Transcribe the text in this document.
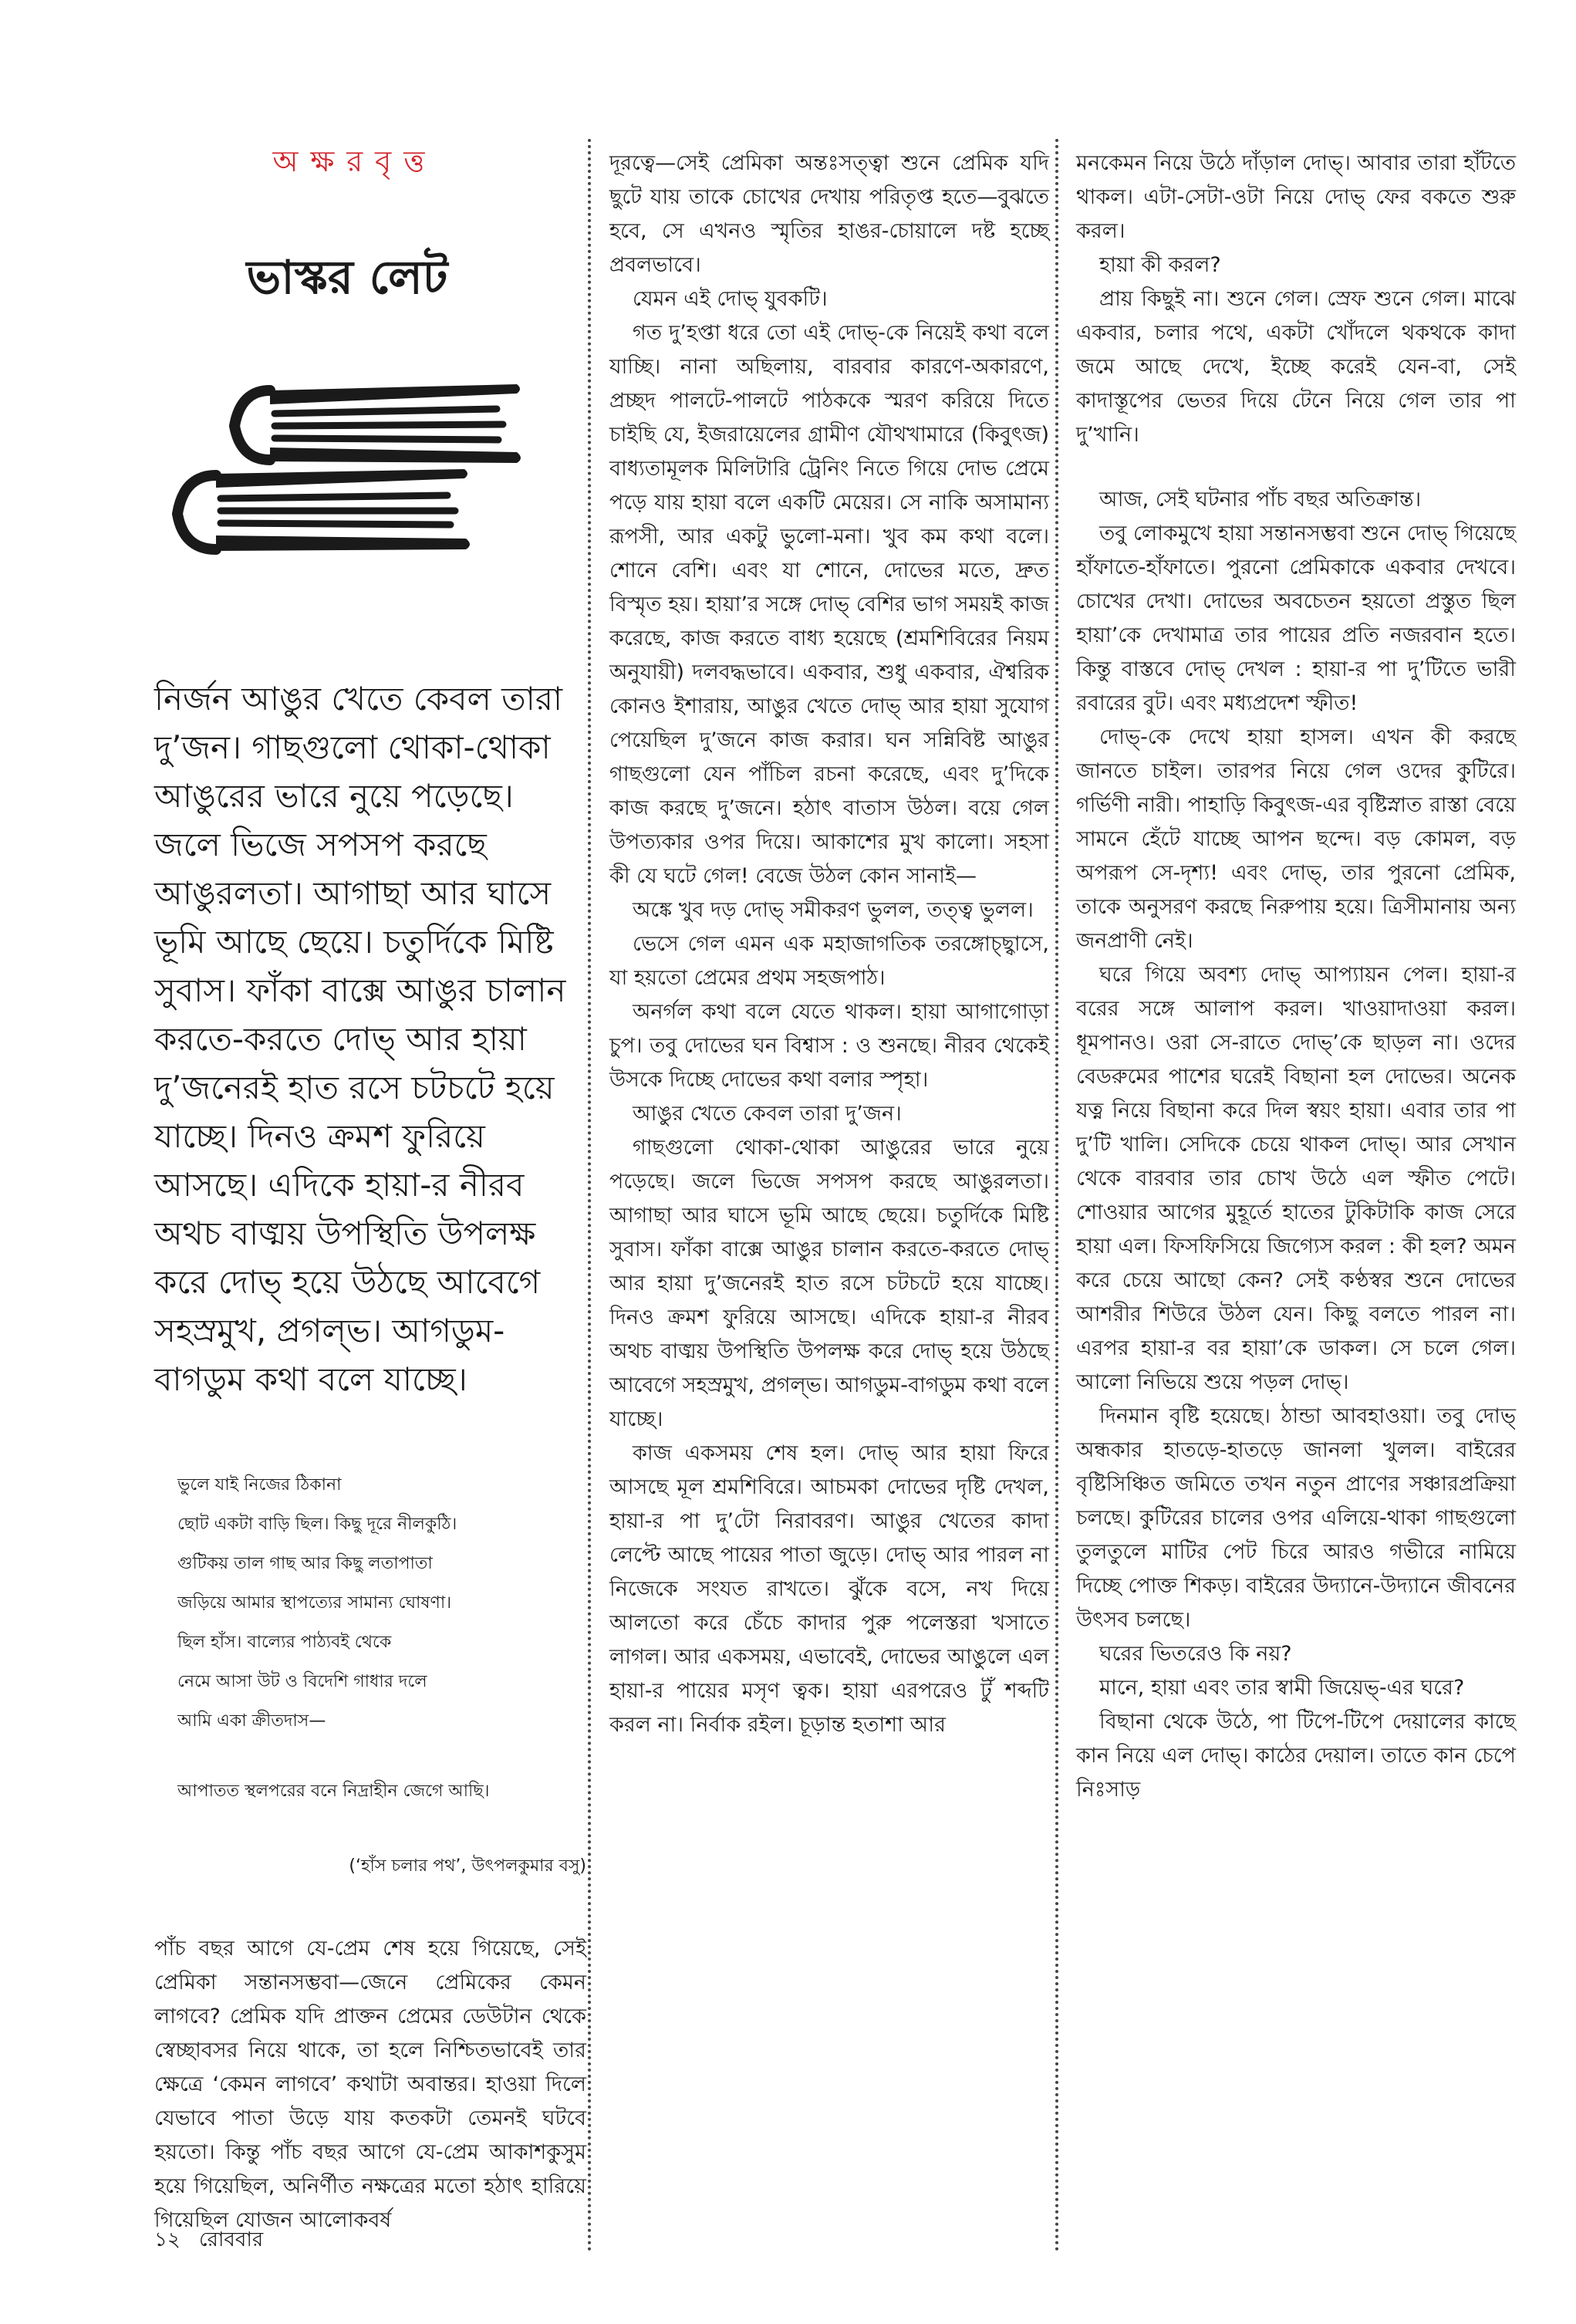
অক্ষরবৃত্ত
ভাস্কর লেট

নির্জন আঙুর খেতে কেবল তারা দু’জন। গাছগুলো থোকা-থোকা আঙুরের ভারে নুয়ে পড়েছে। জলে ভিজে সপসপ করছে আঙুরলতা। আগাছা আর ঘাসে ভূমি আছে ছেয়ে। চতুর্দিকে মিষ্টি সুবাস। ফাঁকা বাক্সে আঙুর চালান করতে-করতে দোভ্ আর হায়া দু’জনেরই হাত রসে চটচটে হয়ে যাচ্ছে। দিনও ক্রমশ ফুরিয়ে আসছে। এদিকে হায়া-র নীরব অথচ বাঙ্ময় উপস্থিতি উপলক্ষ করে দোভ্ হয়ে উঠছে আবেগে সহস্রমুখ, প্রগল্ভ। আগডুম-বাগডুম কথা বলে যাচ্ছে।

ভুলে যাই নিজের ঠিকানা
ছোট একটা বাড়ি ছিল। কিছু দূরে নীলকুঠি।
গুটিকয় তাল গাছ আর কিছু লতাপাতা
জড়িয়ে আমার স্থাপত্যের সামান্য ঘোষণা।
ছিল হাঁস। বাল্যের পাঠ্যবই থেকে
নেমে আসা উট ও বিদেশি গাধার দলে
আমি একা ক্রীতদাস—
আপাতত স্থলপরের বনে নিদ্রাহীন জেগে আছি।
(‘হাঁস চলার পথ’, উৎপলকুমার বসু)

পাঁচ বছর আগে যে-প্রেম শেষ হয়ে গিয়েছে, সেই প্রেমিকা সন্তানসম্ভবা—জেনে প্রেমিকের কেমন লাগবে? প্রেমিক যদি প্রাক্তন প্রেমের ডেউটান থেকে স্বেচ্ছাবসর নিয়ে থাকে, তা হলে নিশ্চিতভাবেই তার ক্ষেত্রে ‘কেমন লাগবে’ কথাটা অবান্তর। হাওয়া দিলে যেভাবে পাতা উড়ে যায় কতকটা তেমনই ঘটবে হয়তো। কিন্তু পাঁচ বছর আগে যে-প্রেম আকাশকুসুম হয়ে গিয়েছিল, অনির্ণীত নক্ষত্রের মতো হঠাৎ হারিয়ে গিয়েছিল যোজন আলোকবর্ষ

দূরত্বে—সেই প্রেমিকা অন্তঃসত্ত্বা শুনে প্রেমিক যদি ছুটে যায় তাকে চোখের দেখায় পরিতৃপ্ত হতে—বুঝতে হবে, সে এখনও স্মৃতির হাঙর-চোয়ালে দষ্ট হচ্ছে প্রবলভাবে।

যেমন এই দোভ্ যুবকটি।

গত দু’হপ্তা ধরে তো এই দোভ্-কে নিয়েই কথা বলে যাচ্ছি। নানা অছিলায়, বারবার কারণে-অকারণে, প্রচ্ছদ পালটে-পালটে পাঠককে স্মরণ করিয়ে দিতে চাইছি যে, ইজরায়েলের গ্রামীণ যৌথখামারে (কিবুৎজ) বাধ্যতামূলক মিলিটারি ট্রেনিং নিতে গিয়ে দোভ প্রেমে পড়ে যায় হায়া বলে একটি মেয়ের। সে নাকি অসামান্য রূপসী, আর একটু ভুলো-মনা। খুব কম কথা বলে। শোনে বেশি। এবং যা শোনে, দোভের মতে, দ্রুত বিস্মৃত হয়। হায়া’র সঙ্গে দোভ্ বেশির ভাগ সময়ই কাজ করেছে, কাজ করতে বাধ্য হয়েছে (শ্রমশিবিরের নিয়ম অনুযায়ী) দলবদ্ধভাবে। একবার, শুধু একবার, ঐশ্বরিক কোনও ইশারায়, আঙুর খেতে দোভ্ আর হায়া সুযোগ পেয়েছিল দু’জনে কাজ করার। ঘন সন্নিবিষ্ট আঙুর গাছগুলো যেন পাঁচিল রচনা করেছে, এবং দু’দিকে কাজ করছে দু’জনে। হঠাৎ বাতাস উঠল। বয়ে গেল উপত্যকার ওপর দিয়ে। আকাশের মুখ কালো। সহসা কী যে ঘটে গেল! বেজে উঠল কোন সানাই—

অঙ্কে খুব দড় দোভ্ সমীকরণ ভুলল, তত্ত্ব ভুলল।

ভেসে গেল এমন এক মহাজাগতিক তরঙ্গোচ্ছ্বাসে, যা হয়তো প্রেমের প্রথম সহজপাঠ।

অনর্গল কথা বলে যেতে থাকল। হায়া আগাগোড়া চুপ। তবু দোভের ঘন বিশ্বাস : ও শুনছে। নীরব থেকেই উসকে দিচ্ছে দোভের কথা বলার স্পৃহা।

আঙুর খেতে কেবল তারা দু’জন।

গাছগুলো থোকা-থোকা আঙুরের ভারে নুয়ে পড়েছে। জলে ভিজে সপসপ করছে আঙুরলতা। আগাছা আর ঘাসে ভূমি আছে ছেয়ে। চতুর্দিকে মিষ্টি সুবাস। ফাঁকা বাক্সে আঙুর চালান করতে-করতে দোভ্ আর হায়া দু’জনেরই হাত রসে চটচটে হয়ে যাচ্ছে। দিনও ক্রমশ ফুরিয়ে আসছে। এদিকে হায়া-র নীরব অথচ বাঙ্ময় উপস্থিতি উপলক্ষ করে দোভ্ হয়ে উঠছে আবেগে সহস্রমুখ, প্রগল্ভ। আগডুম-বাগডুম কথা বলে যাচ্ছে।

কাজ একসময় শেষ হল। দোভ্ আর হায়া ফিরে আসছে মূল শ্রমশিবিরে। আচমকা দোভের দৃষ্টি দেখল, হায়া-র পা দু’টো নিরাবরণ। আঙুর খেতের কাদা লেপ্টে আছে পায়ের পাতা জুড়ে। দোভ্ আর পারল না নিজেকে সংযত রাখতে। ঝুঁকে বসে, নখ দিয়ে আলতো করে চেঁচে কাদার পুরু পলেস্তরা খসাতে লাগল। আর একসময়, এভাবেই, দোভের আঙুলে এল হায়া-র পায়ের মসৃণ ত্বক। হায়া এরপরেও টুঁ শব্দটি করল না। নির্বাক রইল। চূড়ান্ত হতাশা আর

মনকেমন নিয়ে উঠে দাঁড়াল দোভ্। আবার তারা হাঁটতে থাকল। এটা-সেটা-ওটা নিয়ে দোভ্ ফের বকতে শুরু করল।

হায়া কী করল?

প্রায় কিছুই না। শুনে গেল। স্রেফ শুনে গেল। মাঝে একবার, চলার পথে, একটা খোঁদলে থকথকে কাদা জমে আছে দেখে, ইচ্ছে করেই যেন-বা, সেই কাদাস্তূপের ভেতর দিয়ে টেনে নিয়ে গেল তার পা দু’খানি।

আজ, সেই ঘটনার পাঁচ বছর অতিক্রান্ত।

তবু লোকমুখে হায়া সন্তানসম্ভবা শুনে দোভ্ গিয়েছে হাঁফাতে-হাঁফাতে। পুরনো প্রেমিকাকে একবার দেখবে। চোখের দেখা। দোভের অবচেতন হয়তো প্রস্তুত ছিল হায়া’কে দেখামাত্র তার পায়ের প্রতি নজরবান হতে। কিন্তু বাস্তবে দোভ্ দেখল : হায়া-র পা দু’টিতে ভারী রবারের বুট। এবং মধ্যপ্রদেশ স্ফীত!

দোভ্-কে দেখে হায়া হাসল। এখন কী করছে জানতে চাইল। তারপর নিয়ে গেল ওদের কুটিরে। গর্ভিণী নারী। পাহাড়ি কিবুৎজ-এর বৃষ্টিস্নাত রাস্তা বেয়ে সামনে হেঁটে যাচ্ছে আপন ছন্দে। বড় কোমল, বড় অপরূপ সে-দৃশ্য! এবং দোভ্, তার পুরনো প্রেমিক, তাকে অনুসরণ করছে নিরুপায় হয়ে। ত্রিসীমানায় অন্য জনপ্রাণী নেই।

ঘরে গিয়ে অবশ্য দোভ্ আপ্যায়ন পেল। হায়া-র বরের সঙ্গে আলাপ করল। খাওয়াদাওয়া করল। ধূমপানও। ওরা সে-রাতে দোভ্’কে ছাড়ল না। ওদের বেডরুমের পাশের ঘরেই বিছানা হল দোভের। অনেক যত্ন নিয়ে বিছানা করে দিল স্বয়ং হায়া। এবার তার পা দু’টি খালি। সেদিকে চেয়ে থাকল দোভ্। আর সেখান থেকে বারবার তার চোখ উঠে এল স্ফীত পেটে। শোওয়ার আগের মুহূর্তে হাতের টুকিটাকি কাজ সেরে হায়া এল। ফিসফিসিয়ে জিগ্যেস করল : কী হল? অমন করে চেয়ে আছো কেন? সেই কণ্ঠস্বর শুনে দোভের আশরীর শিউরে উঠল যেন। কিছু বলতে পারল না। এরপর হায়া-র বর হায়া’কে ডাকল। সে চলে গেল। আলো নিভিয়ে শুয়ে পড়ল দোভ্।

দিনমান বৃষ্টি হয়েছে। ঠান্ডা আবহাওয়া। তবু দোভ্ অন্ধকার হাতড়ে-হাতড়ে জানলা খুলল। বাইরের বৃষ্টিসিঞ্চিত জমিতে তখন নতুন প্রাণের সঞ্চারপ্রক্রিয়া চলছে। কুটিরের চালের ওপর এলিয়ে-থাকা গাছগুলো তুলতুলে মাটির পেট চিরে আরও গভীরে নামিয়ে দিচ্ছে পোক্ত শিকড়। বাইরের উদ্যানে-উদ্যানে জীবনের উৎসব চলছে।

ঘরের ভিতরেও কি নয়?

মানে, হায়া এবং তার স্বামী জিয়েভ্-এর ঘরে?

বিছানা থেকে উঠে, পা টিপে-টিপে দেয়ালের কাছে কান নিয়ে এল দোভ্। কাঠের দেয়াল। তাতে কান চেপে নিঃসাড়

১২ রোববার
